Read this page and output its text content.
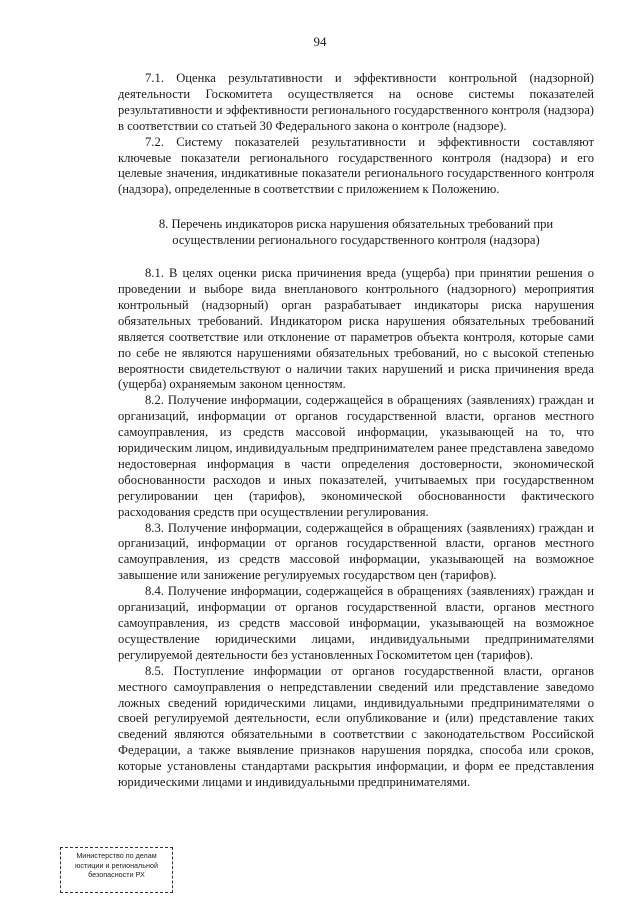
94

7.1. Оценка результативности и эффективности контрольной (надзорной) деятельности Госкомитета осуществляется на основе системы показателей результативности и эффективности регионального государственного контроля (надзора) в соответствии со статьей 30 Федерального закона о контроле (надзоре).

7.2. Систему показателей результативности и эффективности составляют ключевые показатели регионального государственного контроля (надзора) и его целевые значения, индикативные показатели регионального государственного контроля (надзора), определенные в соответствии с приложением к Положению.

8. Перечень индикаторов риска нарушения обязательных требований при
осуществлении регионального государственного контроля (надзора)

8.1. В целях оценки риска причинения вреда (ущерба) при принятии решения о проведении и выборе вида внепланового контрольного (надзорного) мероприятия контрольный (надзорный) орган разрабатывает индикаторы риска нарушения обязательных требований. Индикатором риска нарушения обязательных требований является соответствие или отклонение от параметров объекта контроля, которые сами по себе не являются нарушениями обязательных требований, но с высокой степенью вероятности свидетельствуют о наличии таких нарушений и риска причинения вреда (ущерба) охраняемым законом ценностям.

8.2. Получение информации, содержащейся в обращениях (заявлениях) граждан и организаций, информации от органов государственной власти, органов местного самоуправления, из средств массовой информации, указывающей на то, что юридическим лицом, индивидуальным предпринимателем ранее представлена заведомо недостоверная информация в части определения достоверности, экономической обоснованности расходов и иных показателей, учитываемых при государственном регулировании цен (тарифов), экономической обоснованности фактического расходования средств при осуществлении регулирования.

8.3. Получение информации, содержащейся в обращениях (заявлениях) граждан и организаций, информации от органов государственной власти, органов местного самоуправления, из средств массовой информации, указывающей на возможное завышение или занижение регулируемых государством цен (тарифов).

8.4. Получение информации, содержащейся в обращениях (заявлениях) граждан и организаций, информации от органов государственной власти, органов местного самоуправления, из средств массовой информации, указывающей на возможное осуществление юридическими лицами, индивидуальными предпринимателями регулируемой деятельности без установленных Госкомитетом цен (тарифов).

8.5. Поступление информации от органов государственной власти, органов местного самоуправления о непредставлении сведений или представление заведомо ложных сведений юридическими лицами, индивидуальными предпринимателями о своей регулируемой деятельности, если опубликование и (или) представление таких сведений являются обязательными в соответствии с законодательством Российской Федерации, а также выявление признаков нарушения порядка, способа или сроков, которые установлены стандартами раскрытия информации, и форм ее представления юридическими лицами и индивидуальными предпринимателями.

Министерство по делам
юстиции и региональной
безопасности РХ
